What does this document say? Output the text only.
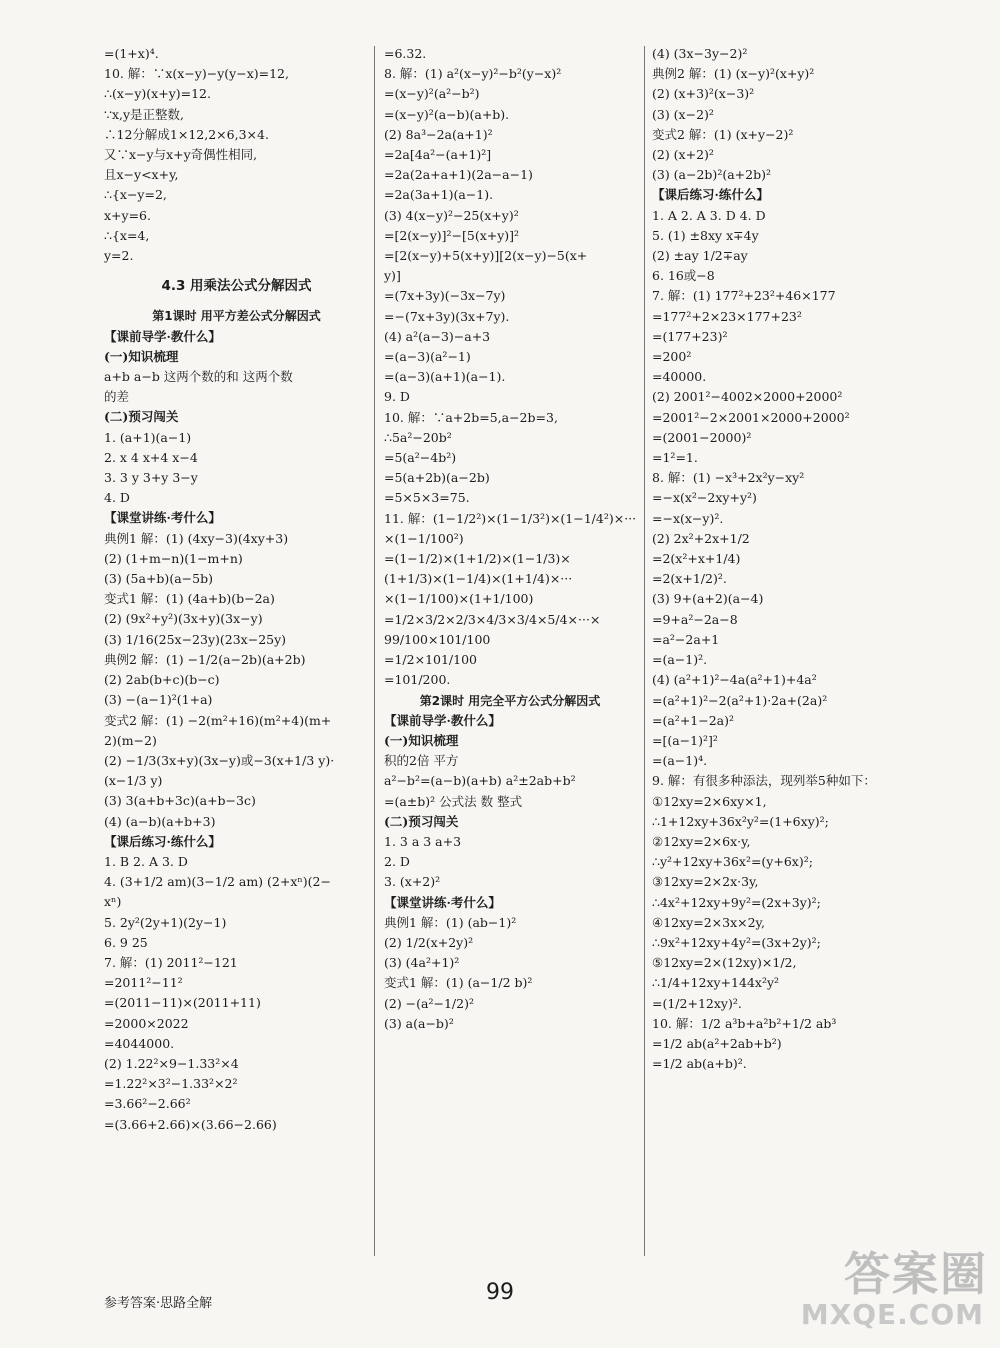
=(1+x)⁴.
10. 解：∵x(x−y)−y(y−x)=12,
∴(x−y)(x+y)=12.
∵x,y是正整数,
∴12分解成1×12,2×6,3×4.
又∵x−y与x+y奇偶性相同,
且x−y<x+y,
∴{x−y=2,
x+y=6.
∴{x=4,
y=2.
4.3 用乘法公式分解因式
第1课时 用平方差公式分解因式
【课前导学·教什么】
(一)知识梳理
a+b a−b 这两个数的和 这两个数
的差
(二)预习闯关
1. (a+1)(a−1)
2. x 4 x+4 x−4
3. 3 y 3+y 3−y
4. D
【课堂讲练·考什么】
典例1 解：(1) (4xy−3)(4xy+3)
(2) (1+m−n)(1−m+n)
(3) (5a+b)(a−5b)
变式1 解：(1) (4a+b)(b−2a)
(2) (9x²+y²)(3x+y)(3x−y)
(3) 1/16(25x−23y)(23x−25y)
典例2 解：(1) −1/2(a−2b)(a+2b)
(2) 2ab(b+c)(b−c)
(3) −(a−1)²(1+a)
变式2 解：(1) −2(m²+16)(m²+4)(m+
2)(m−2)
(2) −1/3(3x+y)(3x−y)或−3(x+1/3 y)·
(x−1/3 y)
(3) 3(a+b+3c)(a+b−3c)
(4) (a−b)(a+b+3)
【课后练习·练什么】
1. B 2. A 3. D
4. (3+1/2 am)(3−1/2 am) (2+xⁿ)(2−
xⁿ)
5. 2y²(2y+1)(2y−1)
6. 9 25
7. 解：(1) 2011²−121
=2011²−11²
=(2011−11)×(2011+11)
=2000×2022
=4044000.
(2) 1.22²×9−1.33²×4
=1.22²×3²−1.33²×2²
=3.66²−2.66²
=(3.66+2.66)×(3.66−2.66)
=6.32.
8. 解：(1) a²(x−y)²−b²(y−x)²
=(x−y)²(a²−b²)
=(x−y)²(a−b)(a+b).
(2) 8a³−2a(a+1)²
=2a[4a²−(a+1)²]
=2a(2a+a+1)(2a−a−1)
=2a(3a+1)(a−1).
(3) 4(x−y)²−25(x+y)²
=[2(x−y)]²−[5(x+y)]²
=[2(x−y)+5(x+y)][2(x−y)−5(x+
y)]
=(7x+3y)(−3x−7y)
=−(7x+3y)(3x+7y).
(4) a²(a−3)−a+3
=(a−3)(a²−1)
=(a−3)(a+1)(a−1).
9. D
10. 解：∵a+2b=5,a−2b=3,
∴5a²−20b²
=5(a²−4b²)
=5(a+2b)(a−2b)
=5×5×3=75.
11. 解：(1−1/2²)×(1−1/3²)×(1−1/4²)×···
×(1−1/100²)
=(1−1/2)×(1+1/2)×(1−1/3)×
(1+1/3)×(1−1/4)×(1+1/4)×···
×(1−1/100)×(1+1/100)
=1/2×3/2×2/3×4/3×3/4×5/4×···×
99/100×101/100
=1/2×101/100
=101/200.
第2课时 用完全平方公式分解因式
【课前导学·教什么】
(一)知识梳理
积的2倍 平方
a²−b²=(a−b)(a+b) a²±2ab+b²
=(a±b)² 公式法 数 整式
(二)预习闯关
1. 3 a 3 a+3
2. D
3. (x+2)²
【课堂讲练·考什么】
典例1 解：(1) (ab−1)²
(2) 1/2(x+2y)²
(3) (4a²+1)²
变式1 解：(1) (a−1/2 b)²
(2) −(a²−1/2)²
(3) a(a−b)²
(4) (3x−3y−2)²
典例2 解：(1) (x−y)²(x+y)²
(2) (x+3)²(x−3)²
(3) (x−2)²
变式2 解：(1) (x+y−2)²
(2) (x+2)²
(3) (a−2b)²(a+2b)²
【课后练习·练什么】
1. A 2. A 3. D 4. D
5. (1) ±8xy x∓4y
(2) ±ay 1/2∓ay
6. 16或−8
7. 解：(1) 177²+23²+46×177
=177²+2×23×177+23²
=(177+23)²
=200²
=40000.
(2) 2001²−4002×2000+2000²
=2001²−2×2001×2000+2000²
=(2001−2000)²
=1²=1.
8. 解：(1) −x³+2x²y−xy²
=−x(x²−2xy+y²)
=−x(x−y)².
(2) 2x²+2x+1/2
=2(x²+x+1/4)
=2(x+1/2)².
(3) 9+(a+2)(a−4)
=9+a²−2a−8
=a²−2a+1
=(a−1)².
(4) (a²+1)²−4a(a²+1)+4a²
=(a²+1)²−2(a²+1)·2a+(2a)²
=(a²+1−2a)²
=[(a−1)²]²
=(a−1)⁴.
9. 解：有很多种添法，现列举5种如下：
①12xy=2×6xy×1,
∴1+12xy+36x²y²=(1+6xy)²;
②12xy=2×6x·y,
∴y²+12xy+36x²=(y+6x)²;
③12xy=2×2x·3y,
∴4x²+12xy+9y²=(2x+3y)²;
④12xy=2×3x×2y,
∴9x²+12xy+4y²=(3x+2y)²;
⑤12xy=2×(12xy)×1/2,
∴1/4+12xy+144x²y²
=(1/2+12xy)².
10. 解：1/2 a³b+a²b²+1/2 ab³
=1/2 ab(a²+2ab+b²)
=1/2 ab(a+b)².
参考答案·思路全解	99	答案圈
MXQE.COM
